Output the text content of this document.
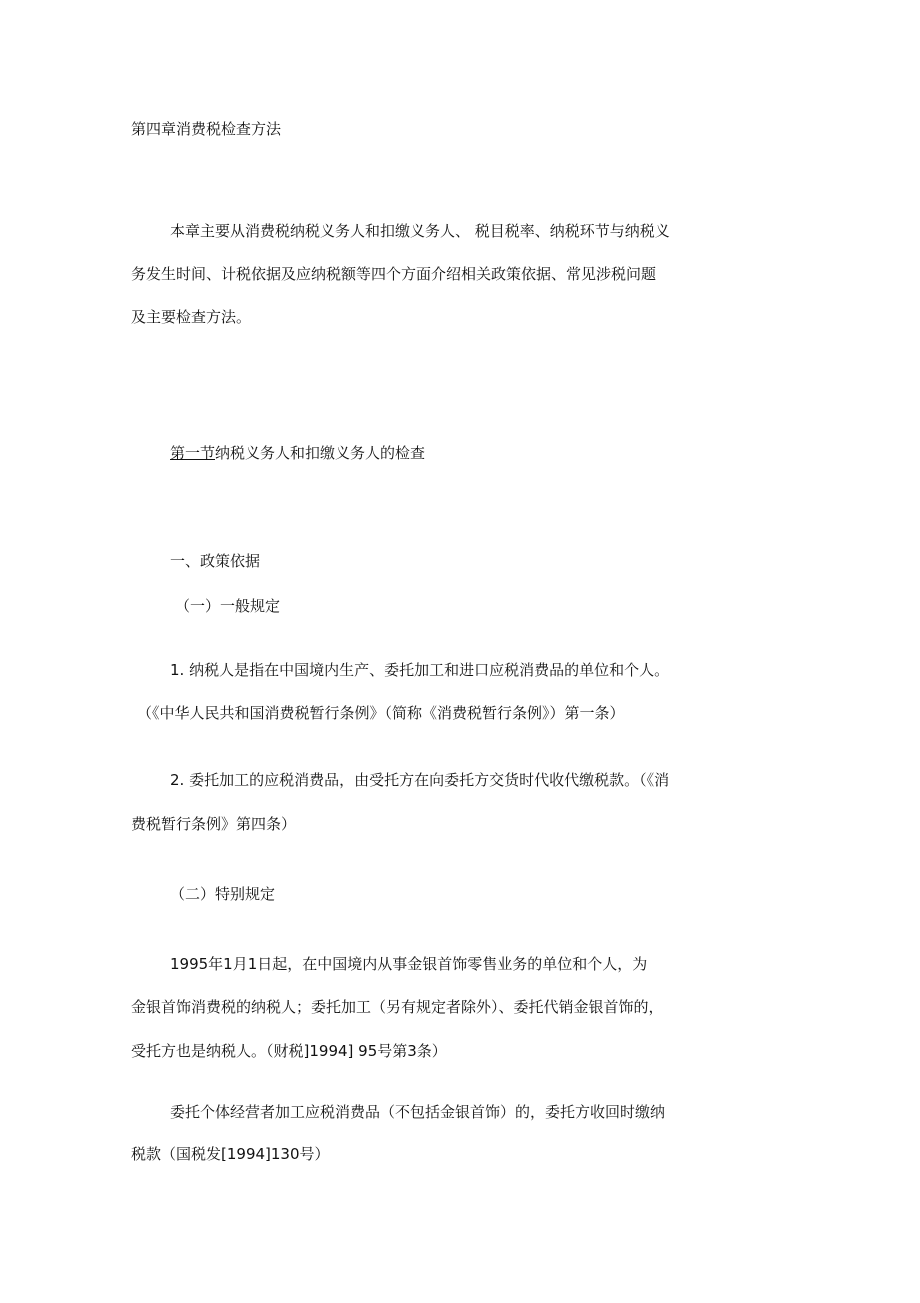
第四章消费税检查方法
本章主要从消费税纳税义务人和扣缴义务人、 税目税率、纳税环节与纳税义
务发生时间、计税依据及应纳税额等四个方面介绍相关政策依据、常见涉税问题
及主要检查方法。
第一节纳税义务人和扣缴义务人的检查
一、政策依据
（一）一般规定
1. 纳税人是指在中国境内生产、委托加工和进口应税消费品的单位和个人。
（《中华人民共和国消费税暂行条例》（简称《消费税暂行条例》）第一条）
2. 委托加工的应税消费品，由受托方在向委托方交货时代收代缴税款。（《消
费税暂行条例》第四条）
（二）特别规定
1995年1月1日起，在中国境内从事金银首饰零售业务的单位和个人，为
金银首饰消费税的纳税人；委托加工（另有规定者除外）、委托代销金银首饰的，
受托方也是纳税人。（财税]1994] 95号第3条）
委托个体经营者加工应税消费品（不包括金银首饰）的，委托方收回时缴纳
税款（国税发[1994]130号）
